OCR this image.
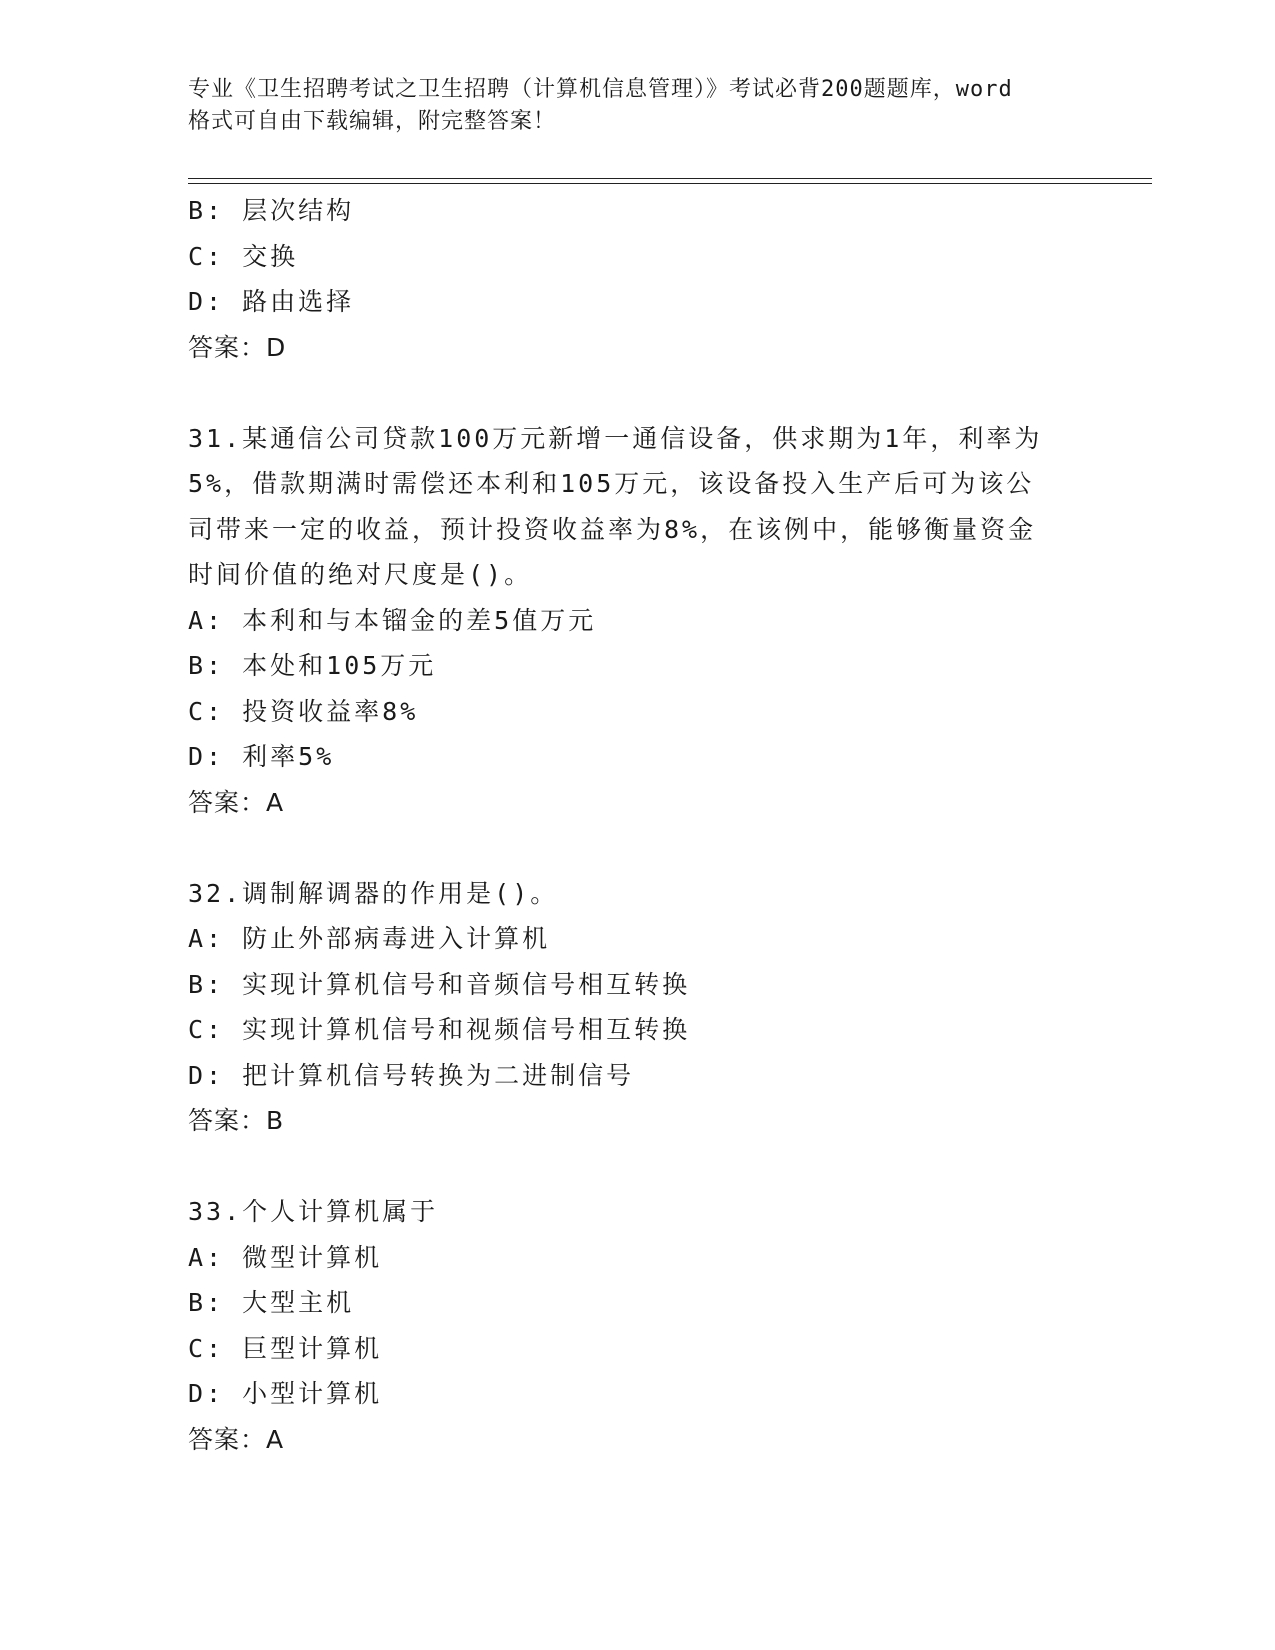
专业《卫生招聘考试之卫生招聘（计算机信息管理）》考试必背200题题库，word
格式可自由下载编辑，附完整答案！
B: 层次结构
C: 交换
D: 路由选择
答案：D
31.某通信公司贷款100万元新增一通信设备，供求期为1年，利率为
5%，借款期满时需偿还本利和105万元，该设备投入生产后可为该公
司带来一定的收益，预计投资收益率为8%，在该例中，能够衡量资金
时间价值的绝对尺度是()。
A: 本利和与本镏金的差5值万元
B: 本处和105万元
C: 投资收益率8%
D: 利率5%
答案：A
32.调制解调器的作用是()。
A: 防止外部病毒进入计算机
B: 实现计算机信号和音频信号相互转换
C: 实现计算机信号和视频信号相互转换
D: 把计算机信号转换为二进制信号
答案：B
33.个人计算机属于
A: 微型计算机
B: 大型主机
C: 巨型计算机
D: 小型计算机
答案：A
